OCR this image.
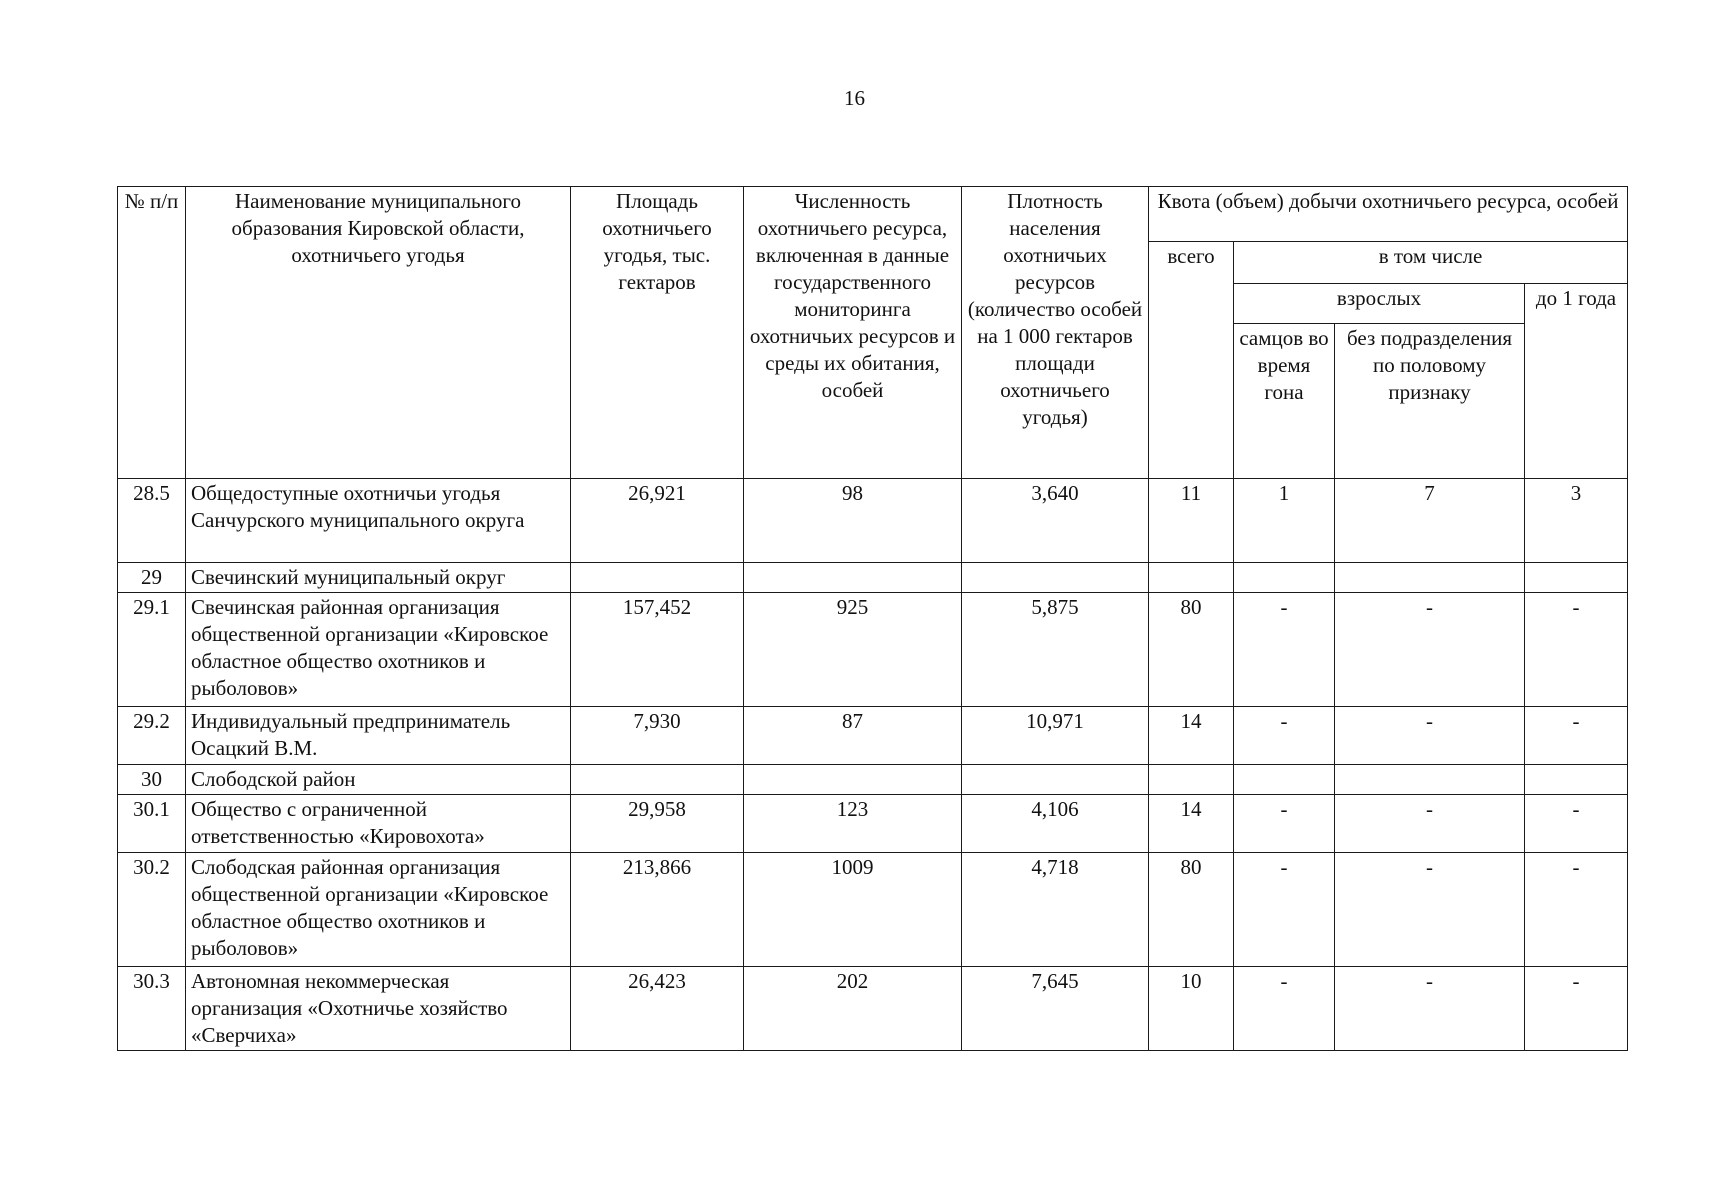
16
№ п/п	Наименование муниципального образования Кировской области, охотничьего угодья	Площадь охотничьего угодья, тыс. гектаров	Численность охотничьего ресурса, включенная в данные государственного мониторинга охотничьих ресурсов и среды их обитания, особей	Плотность населения охотничьих ресурсов (количество особей на 1 000 гектаров площади охотничьего угодья)	Квота (объем) добычи охотничьего ресурса, особей			
					всего	в том числе		
						взрослых		до 1 года
						самцов во время гона	без подразделения по половому признаку	
28.5	Общедоступные охотничьи угодья Санчурского муниципального округа	26,921	98	3,640	11	1	7	3
29	Свечинский муниципальный округ							
29.1	Свечинская районная организация общественной организации «Кировское областное общество охотников и рыболовов»	157,452	925	5,875	80	-	-	-
29.2	Индивидуальный предприниматель Осацкий В.М.	7,930	87	10,971	14	-	-	-
30	Слободской район							
30.1	Общество с ограниченной ответственностью «Кировохота»	29,958	123	4,106	14	-	-	-
30.2	Слободская районная организация общественной организации «Кировское областное общество охотников и рыболовов»	213,866	1009	4,718	80	-	-	-
30.3	Автономная некоммерческая организация «Охотничье хозяйство «Сверчиха»	26,423	202	7,645	10	-	-	-
